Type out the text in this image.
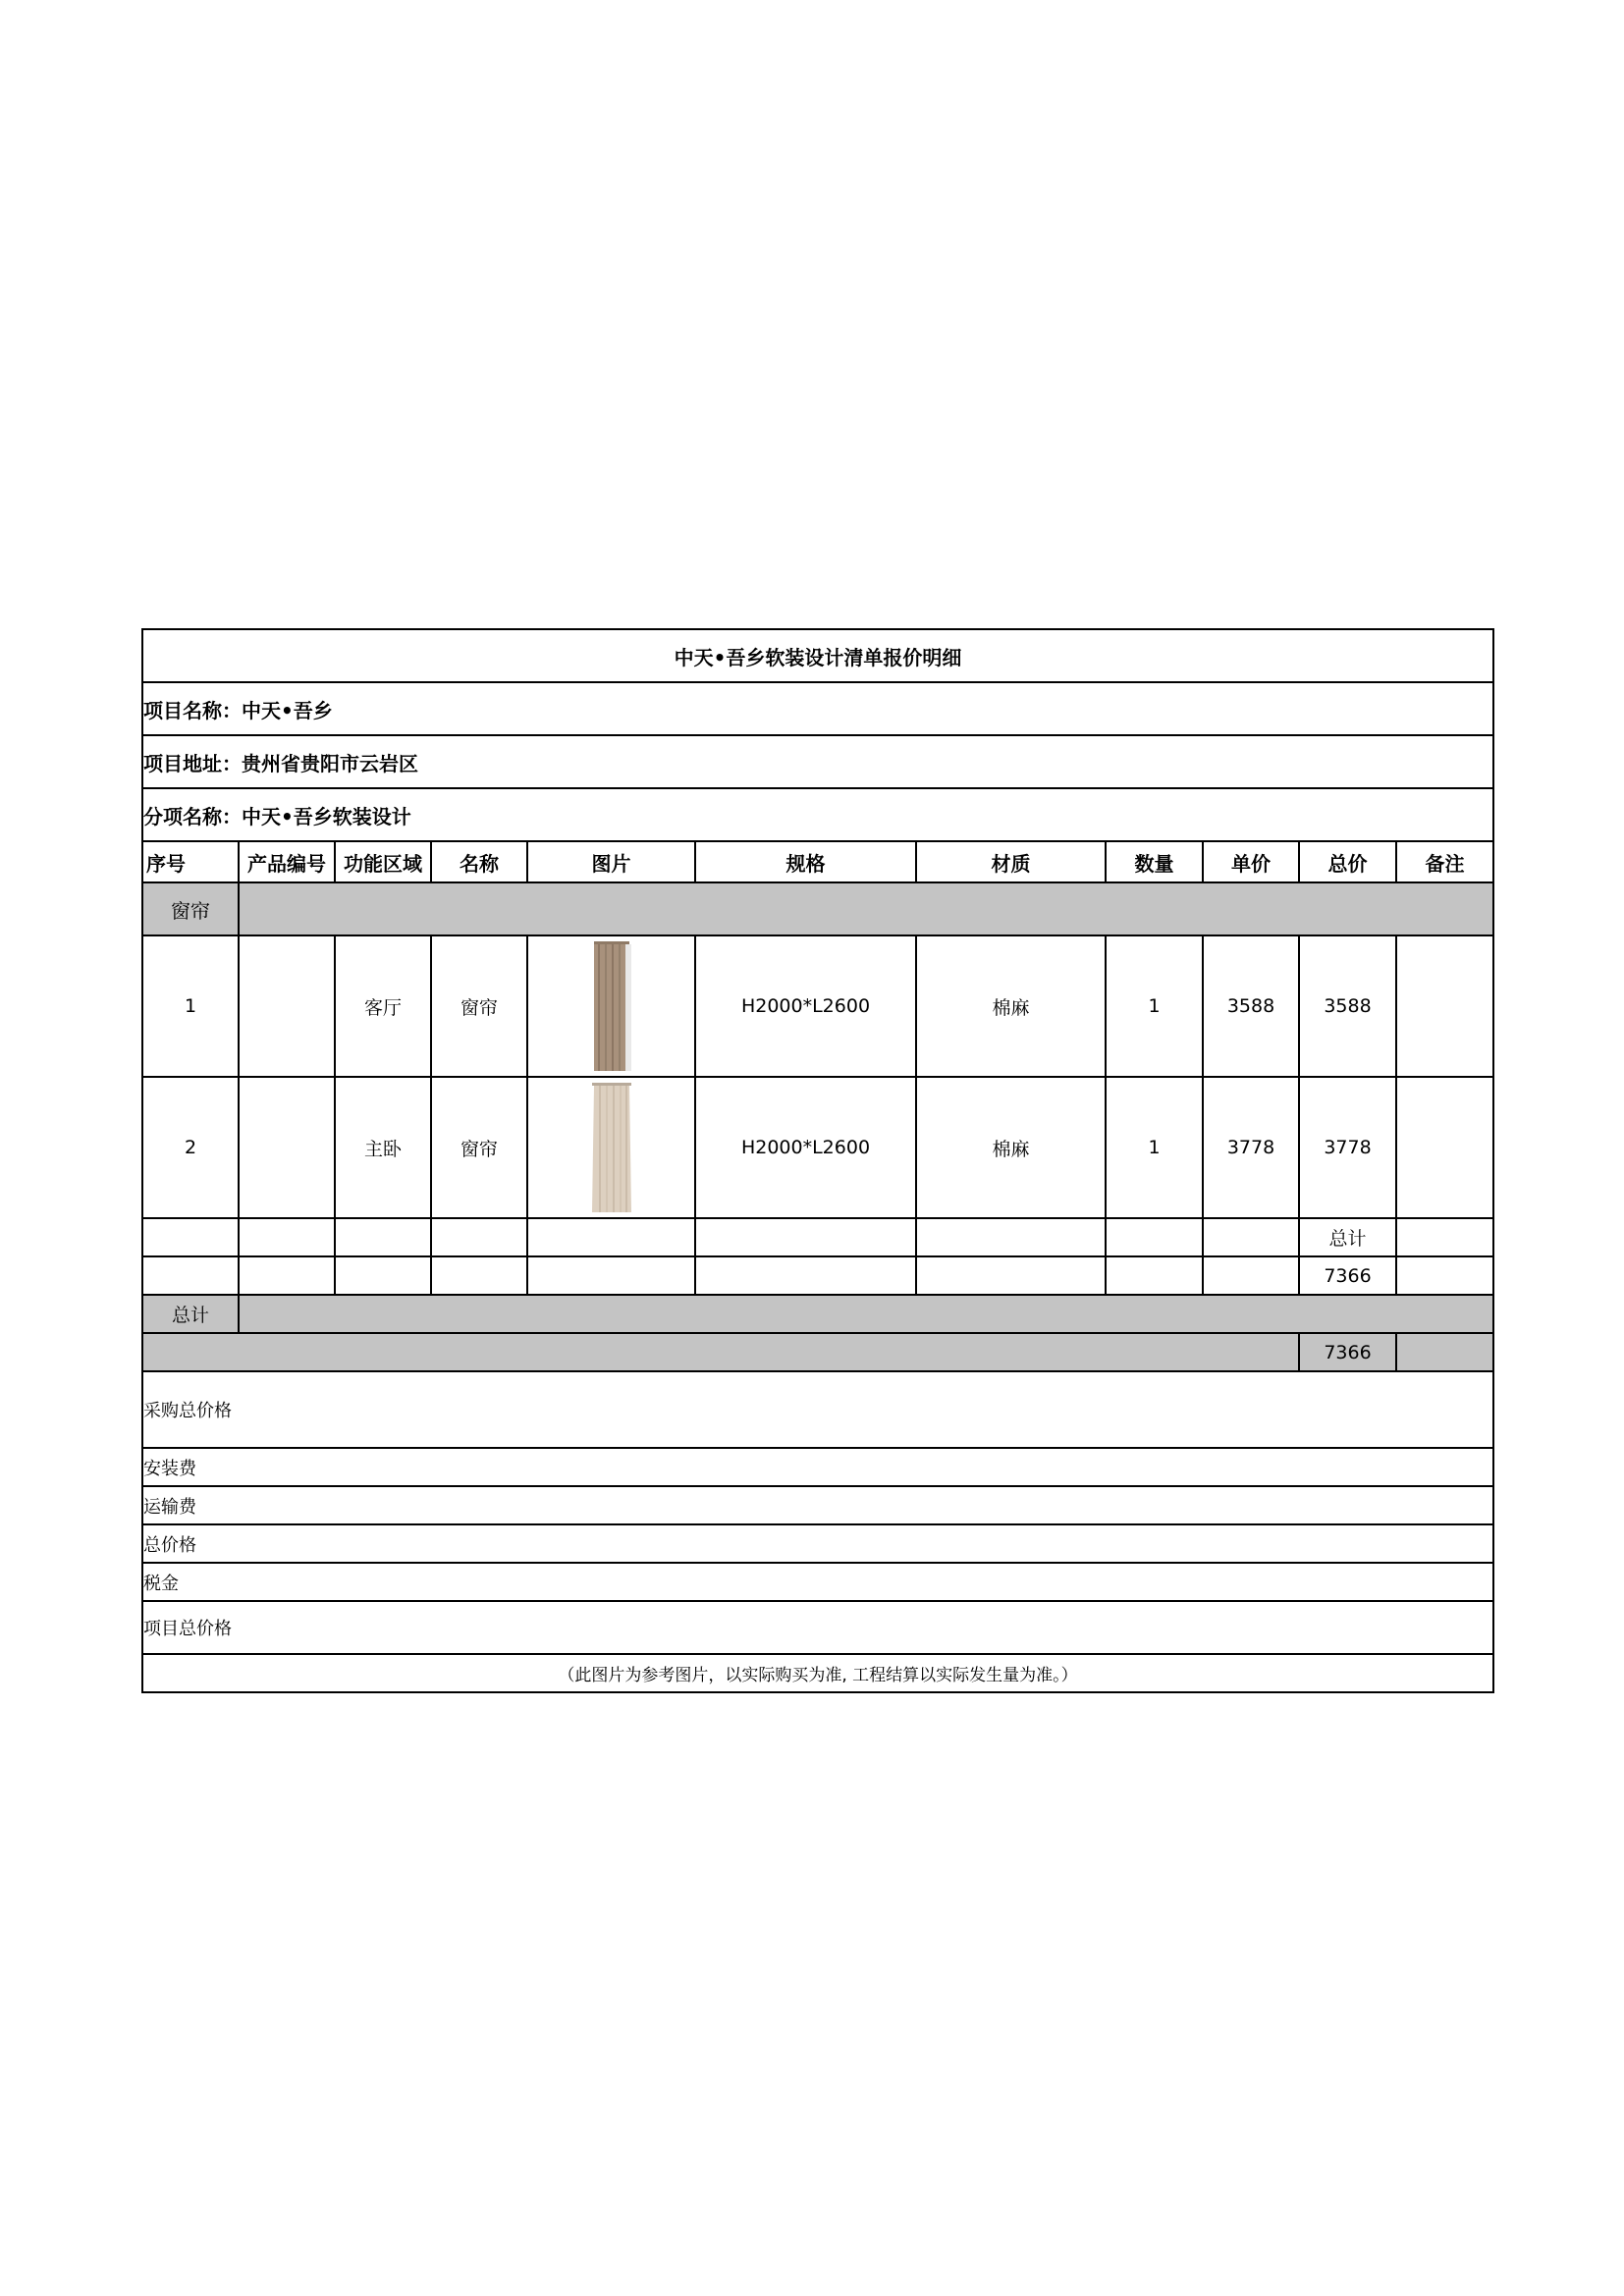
中天•吾乡软装设计清单报价明细										
项目名称：中天•吾乡										
项目地址：贵州省贵阳市云岩区										
分项名称：中天•吾乡软装设计										
序号	产品编号	功能区域	名称	图片	规格	材质	数量	单价	总价	备注
窗帘										
1		客厅	窗帘		H2000*L2600	棉麻	1	3588	3588	
2		主卧	窗帘		H2000*L2600	棉麻	1	3778	3778	
									总计	
									7366	
总计										
									7366	
采购总价格										
安装费										
运输费										
总价格										
税金										
项目总价格										
（此图片为参考图片，以实际购买为准, 工程结算以实际发生量为准。）										
